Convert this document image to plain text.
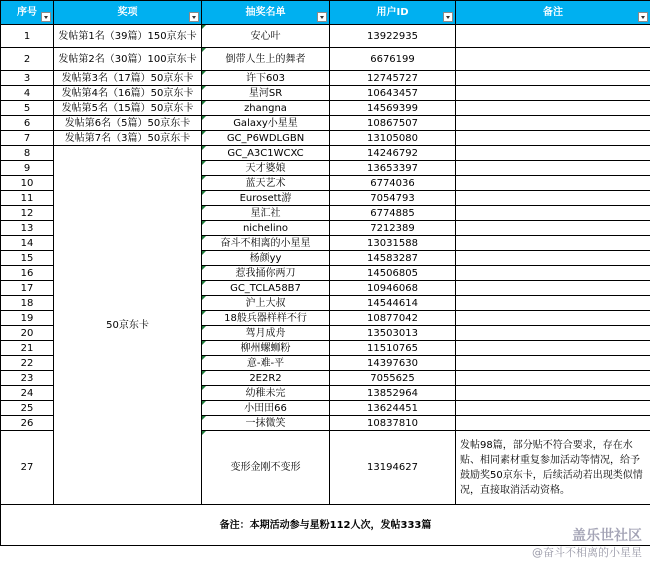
序号	奖项	抽奖名单	用户ID	备注

1	发帖第1名（39篇）150京东卡	安心叶	13922935	
2	发帖第2名（30篇）100京东卡	倒带人生上的舞者	6676199	
3	发帖第3名（17篇）50京东卡	许下603	12745727	
4	发帖第4名（16篇）50京东卡	星河SR	10643457	
5	发帖第5名（15篇）50京东卡	zhangna	14569399	
6	发帖第6名（5篇）50京东卡	Galaxy小星星	10867507	
7	发帖第7名（3篇）50京东卡	GC_P6WDLGBN	13105080	
8	50京东卡	GC_A3C1WCXC	14246792	
9		天才婆娘	13653397	
10		蓝天艺术	6774036	
11		Eurosett游	7054793	
12		星汇社	6774885	
13		nichelino	7212389	
14		奋斗不相离的小星星	13031588	
15		杨颜yy	14583287	
16		惹我捅你两刀	14506805	
17		GC_TCLA58B7	10946068	
18		沪上大叔	14544614	
19		18般兵器样样不行	10877042	
20		驾月成舟	13503013	
21		柳州螺蛳粉	11510765	
22		意-难-平	14397630	
23		2E2R2	7055625	
24		幼稚未完	13852964	
25		小田田66	13624451	
26		一抹微笑	10837810	
27		变形金刚不变形	13194627	发帖98篇，部分贴不符合要求，存在水贴、相同素材重复参加活动等情况，给予鼓励奖50京东卡，后续活动若出现类似情况，直接取消活动资格。
备注：本期活动参与星粉112人次，发帖333篇				
盖乐世社区
@奋斗不相离的小星星
